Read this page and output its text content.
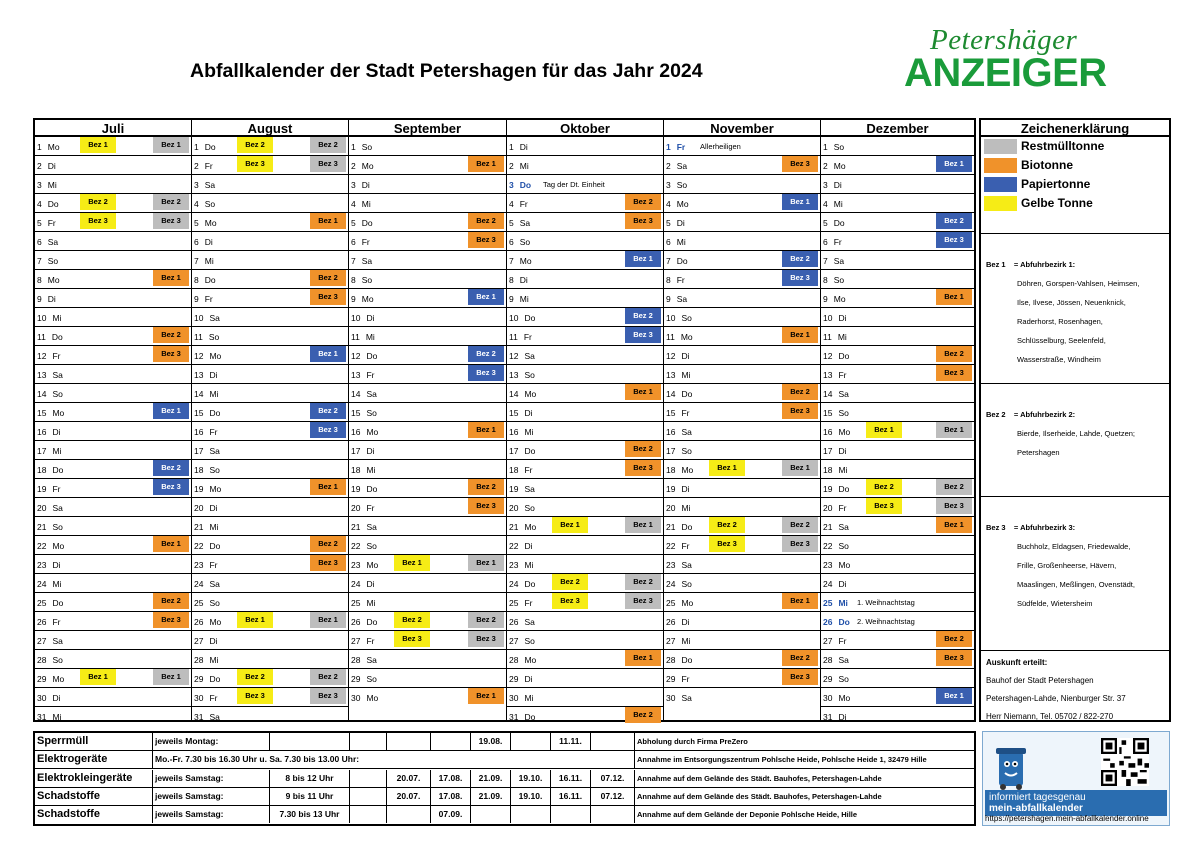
Abfallkalender der Stadt Petershagen für das Jahr 2024
Petershäger
ANZEIGER
Juli
1 Mo	Bez 1	Bez 1
2 Di
3 Mi
4 Do	Bez 2	Bez 2
5 Fr	Bez 3	Bez 3
6 Sa
7 So
8 Mo	Bez 1
9 Di
10 Mi
11 Do	Bez 2
12 Fr	Bez 3
13 Sa
14 So
15 Mo	Bez 1
16 Di
17 Mi
18 Do	Bez 2
19 Fr	Bez 3
20 Sa
21 So
22 Mo	Bez 1
23 Di
24 Mi
25 Do	Bez 2
26 Fr	Bez 3
27 Sa
28 So
29 Mo	Bez 1	Bez 1
30 Di
31 Mi
August
1 Do	Bez 2	Bez 2
2 Fr	Bez 3	Bez 3
3 Sa
4 So
5 Mo	Bez 1
6 Di
7 Mi
8 Do	Bez 2
9 Fr	Bez 3
10 Sa
11 So
12 Mo	Bez 1
13 Di
14 Mi
15 Do	Bez 2
16 Fr	Bez 3
17 Sa
18 So
19 Mo	Bez 1
20 Di
21 Mi
22 Do	Bez 2
23 Fr	Bez 3
24 Sa
25 So
26 Mo	Bez 1	Bez 1
27 Di
28 Mi
29 Do	Bez 2	Bez 2
30 Fr	Bez 3	Bez 3
31 Sa
September
1 So
2 Mo	Bez 1
3 Di
4 Mi
5 Do	Bez 2
6 Fr	Bez 3
7 Sa
8 So
9 Mo	Bez 1
10 Di
11 Mi
12 Do	Bez 2
13 Fr	Bez 3
14 Sa
15 So
16 Mo	Bez 1
17 Di
18 Mi
19 Do	Bez 2
20 Fr	Bez 3
21 Sa
22 So
23 Mo	Bez 1	Bez 1
24 Di
25 Mi
26 Do	Bez 2	Bez 2
27 Fr	Bez 3	Bez 3
28 Sa
29 So
30 Mo	Bez 1
Oktober
1 Di
2 Mi
3 Do Tag der Dt. Einheit
4 Fr	Bez 2
5 Sa	Bez 3
6 So
7 Mo	Bez 1
8 Di
9 Mi
10 Do	Bez 2
11 Fr	Bez 3
12 Sa
13 So
14 Mo	Bez 1
15 Di
16 Mi
17 Do	Bez 2
18 Fr	Bez 3
19 Sa
20 So
21 Mo	Bez 1	Bez 1
22 Di
23 Mi
24 Do	Bez 2	Bez 2
25 Fr	Bez 3	Bez 3
26 Sa
27 So
28 Mo	Bez 1
29 Di
30 Mi
31 Do	Bez 2
November
1 Fr Allerheiligen
2 Sa	Bez 3
3 So
4 Mo	Bez 1
5 Di
6 Mi
7 Do	Bez 2
8 Fr	Bez 3
9 Sa
10 So
11 Mo	Bez 1
12 Di
13 Mi
14 Do	Bez 2
15 Fr	Bez 3
16 Sa
17 So
18 Mo	Bez 1	Bez 1
19 Di
20 Mi
21 Do	Bez 2	Bez 2
22 Fr	Bez 3	Bez 3
23 Sa
24 So
25 Mo	Bez 1
26 Di
27 Mi
28 Do	Bez 2
29 Fr	Bez 3
30 Sa
Dezember
1 So
2 Mo	Bez 1
3 Di
4 Mi
5 Do	Bez 2
6 Fr	Bez 3
7 Sa
8 So
9 Mo	Bez 1
10 Di
11 Mi
12 Do	Bez 2
13 Fr	Bez 3
14 Sa
15 So
16 Mo	Bez 1	Bez 1
17 Di
18 Mi
19 Do	Bez 2	Bez 2
20 Fr	Bez 3	Bez 3
21 Sa	Bez 1
22 So
23 Mo
24 Di
25 Mi 1. Weihnachtstag
26 Do 2. Weihnachtstag
27 Fr	Bez 2
28 Sa	Bez 3
29 So
30 Mo	Bez 1
31 Di
Zeichenerklärung
Restmülltonne
Biotonne
Papiertonne
Gelbe Tonne
Bez 1    = Abfuhrbezirk 1:
Döhren, Gorspen-Vahlsen, Heimsen,
Ilse, Ilvese, Jössen, Neuenknick,
Raderhorst, Rosenhagen,
Schlüsselburg, Seelenfeld,
Wasserstraße, Windheim
Bez 2    = Abfuhrbezirk 2:
Bierde, Ilserheide, Lahde, Quetzen;
Petershagen
Bez 3    = Abfuhrbezirk 3:
Buchholz, Eldagsen, Friedewalde,
Frille, Großenheerse, Hävern,
Maaslingen, Meßlingen, Ovenstädt,
Südfelde, Wietersheim
Auskunft erteilt:
Bauhof der Stadt Petershagen
Petershagen-Lahde, Nienburger Str. 37
Herr Niemann, Tel. 05702 / 822-270
Sperrmüll	jeweils Montag:	19.08.	11.11.	Abholung durch Firma PreZero
Elektrogeräte	Mo.-Fr. 7.30 bis 16.30 Uhr u. Sa. 7.30 bis 13.00 Uhr:	Annahme im Entsorgungszentrum Pohlsche Heide, Pohlsche Heide 1, 32479 Hille
Elektrokleingeräte	jeweils Samstag:	8 bis 12 Uhr	20.07.	17.08.	21.09.	19.10.	16.11.	07.12.	Annahme auf dem Gelände des Städt. Bauhofes, Petershagen-Lahde
Schadstoffe	jeweils Samstag:	9 bis 11 Uhr	20.07.	17.08.	21.09.	19.10.	16.11.	07.12.	Annahme auf dem Gelände des Städt. Bauhofes, Petershagen-Lahde
Schadstoffe	jeweils Samstag:	7.30 bis 13 Uhr	07.09.	Annahme auf dem Gelände der Deponie Pohlsche Heide, Hille
informiert tagesgenau
mein-abfallkalender
https://petershagen.mein-abfallkalender.online
